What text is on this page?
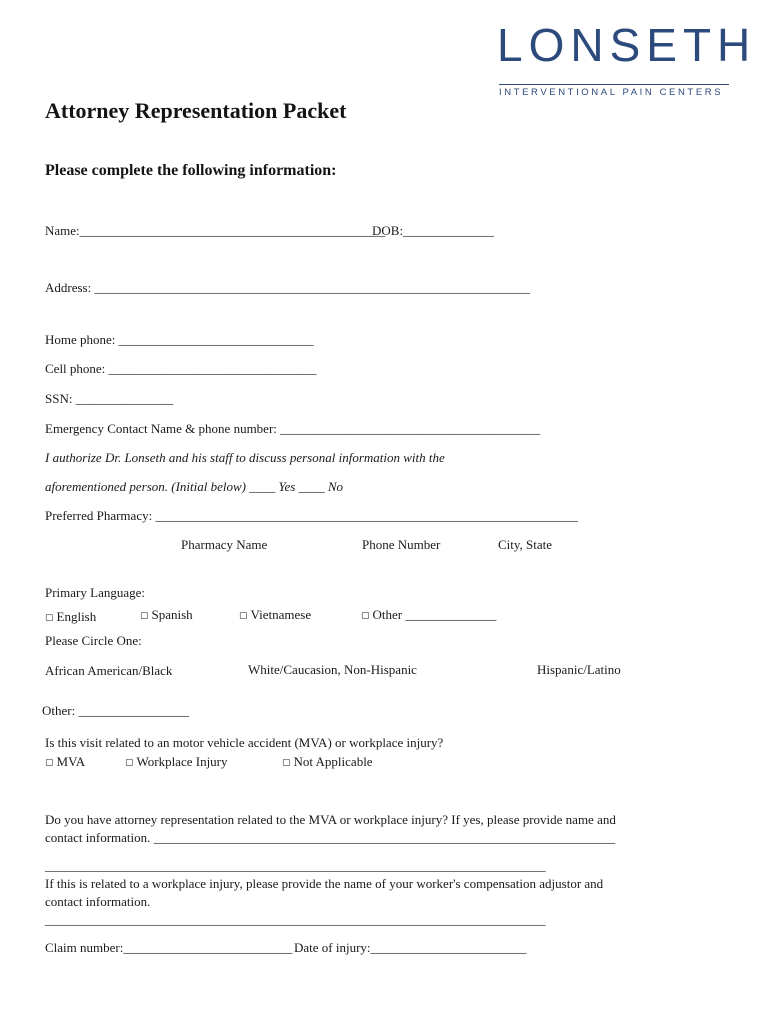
LONSETH
INTERVENTIONAL PAIN CENTERS
Attorney Representation Packet
Please complete the following information:
Name:_______________________________________________
DOB:______________
Address: ___________________________________________________________________
Home phone: ______________________________
Cell phone: ________________________________
SSN: _______________
Emergency Contact Name & phone number: ________________________________________
I authorize Dr. Lonseth and his staff to discuss personal information with the
aforementioned person. (Initial below) ____ Yes ____ No
Preferred Pharmacy: _________________________________________________________________
Pharmacy Name	Phone Number	City, State
Primary Language:
▢ English	▢ Spanish	▢ Vietnamese	▢ Other ______________
Please Circle One:
African American/Black	White/Caucasion, Non-Hispanic	Hispanic/Latino
Other: _________________
Is this visit related to an motor vehicle accident (MVA) or workplace injury?
▢ MVA	▢ Workplace Injury	▢ Not Applicable
Do you have attorney representation related to the MVA or workplace injury? If yes, please provide name and
contact information. _______________________________________________________________________
_____________________________________________________________________________
If this is related to a workplace injury, please provide the name of your worker's compensation adjustor and
contact information.
_____________________________________________________________________________
Claim number:__________________________ Date of injury:________________________
